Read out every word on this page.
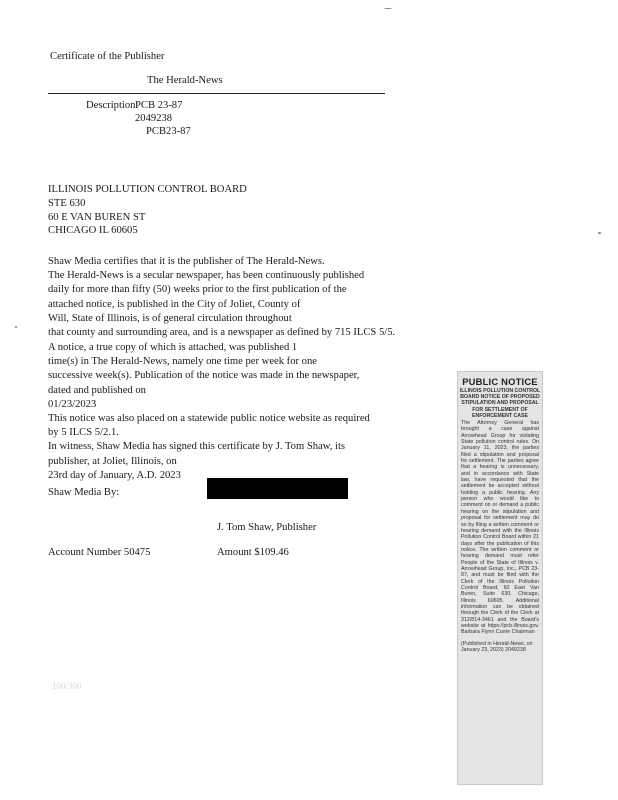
Certificate of the Publisher
The Herald-News
Description:
PCB 23-87
2049238
PCB23-87
ILLINOIS POLLUTION CONTROL BOARD
STE 630
60 E VAN BUREN ST
CHICAGO IL 60605
Shaw Media certifies that it is the publisher of The Herald-News.
The Herald-News is a secular newspaper, has been continuously published
daily for more than fifty (50) weeks prior to the first publication of the
attached notice, is published in the City of Joliet, County of
Will, State of Illinois, is of general circulation throughout
that county and surrounding area, and is a newspaper as defined by 715 ILCS 5/5.
A notice, a true copy of which is attached, was published 1
time(s) in The Herald-News, namely one time per week for one
successive week(s). Publication of the notice was made in the newspaper,
dated and published on
01/23/2023
This notice was also placed on a statewide public notice website as required
by 5 ILCS 5/2.1.
In witness, Shaw Media has signed this certificate by J. Tom Shaw, its
publisher, at Joliet, Illinois, on
23rd day of January, A.D. 2023
Shaw Media By:
J. Tom Shaw, Publisher
Account Number 50475	Amount $109.46
100/300
PUBLIC NOTICE
ILLINOIS POLLUTION CONTROL BOARD NOTICE OF PROPOSED STIPULATION AND PROPOSAL FOR SETTLEMENT OF ENFORCEMENT CASE
The Attorney General has brought a case against Arrowhead Group for violating State pollution control rules. On January 11, 2023, the parties filed a stipulation and proposal for settlement. The parties agree that a hearing is unnecessary, and in accordance with State law, have requested that the settlement be accepted without holding a public hearing. Any person who would like to comment on or demand a public hearing on the stipulation and proposal for settlement may do so by filing a written comment or hearing demand with the Illinois Pollution Control Board within 21 days after the publication of this notice. The written comment or hearing demand must refer People of the State of Illinois v. Arrowhead Group, Inc., PCB 23-87, and must be filed with the Clerk of the Illinois Pollution Control Board, 60 East Van Buren, Suite 630, Chicago, Illinois 60605. Additional information can be obtained through the Clerk of the Clerk at 312/814-3461 and the Board's website at https://pcb.illinois.gov. Barbara Flynn Currie Chairman
(Published in Herald-News, on January 23, 2023) 2049238
